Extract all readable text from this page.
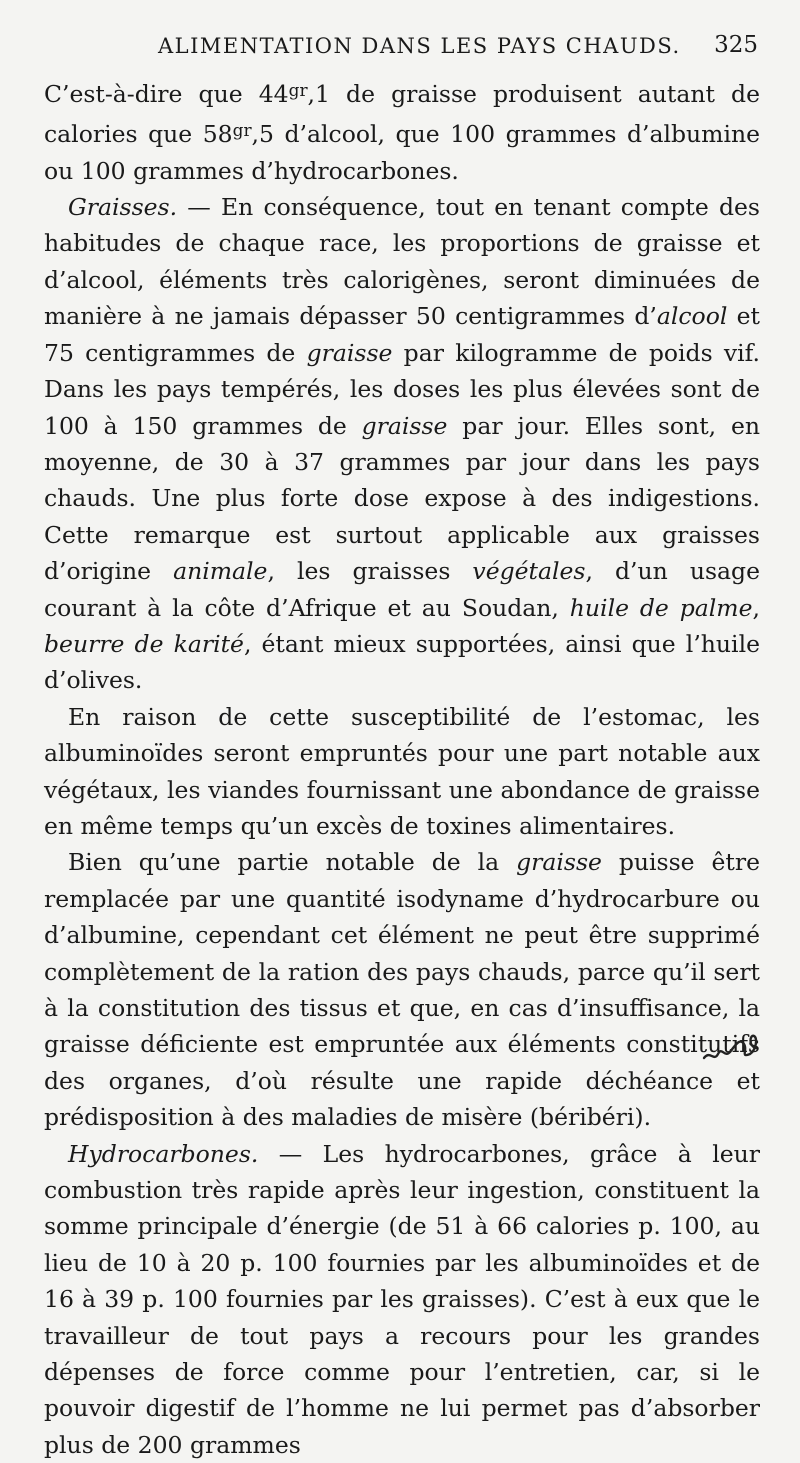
ALIMENTATION DANS LES PAYS CHAUDS. 325

C’est-à-dire que $44^{gr},1$ de graisse produisent autant de calories que $58^{gr},5$ d’alcool, que 100 grammes d’albumine ou 100 grammes d’hydrocarbones.

Graisses. — En conséquence, tout en tenant compte des habitudes de chaque race, les proportions de graisse et d’alcool, éléments très calorigènes, seront diminuées de manière à ne jamais dépasser 50 centigrammes d’alcool et 75 centigrammes de graisse par kilogramme de poids vif. Dans les pays tempérés, les doses les plus élevées sont de 100 à 150 grammes de graisse par jour. Elles sont, en moyenne, de 30 à 37 grammes par jour dans les pays chauds. Une plus forte dose expose à des indigestions. Cette remarque est surtout applicable aux graisses d’origine animale, les graisses végétales, d’un usage courant à la côte d’Afrique et au Soudan, huile de palme, beurre de karité, étant mieux supportées, ainsi que l’huile d’olives.

En raison de cette susceptibilité de l’estomac, les albuminoïdes seront empruntés pour une part notable aux végétaux, les viandes fournissant une abondance de graisse en même temps qu’un excès de toxines alimentaires.

Bien qu’une partie notable de la graisse puisse être remplacée par une quantité isodyname d’hydrocarbure ou d’albumine, cependant cet élément ne peut être supprimé complètement de la ration des pays chauds, parce qu’il sert à la constitution des tissus et que, en cas d’insuffisance, la graisse déficiente est empruntée aux éléments constitutifs des organes, d’où résulte une rapide déchéance et prédisposition à des maladies de misère (béribéri).

Hydrocarbones. — Les hydrocarbones, grâce à leur combustion très rapide après leur ingestion, constituent la somme principale d’énergie (de 51 à 66 calories p. 100, au lieu de 10 à 20 p. 100 fournies par les albuminoïdes et de 16 à 39 p. 100 fournies par les graisses). C’est à eux que le travailleur de tout pays a recours pour les grandes dépenses de force comme pour l’entretien, car, si le pouvoir digestif de l’homme ne lui permet pas d’absorber plus de 200 grammes
